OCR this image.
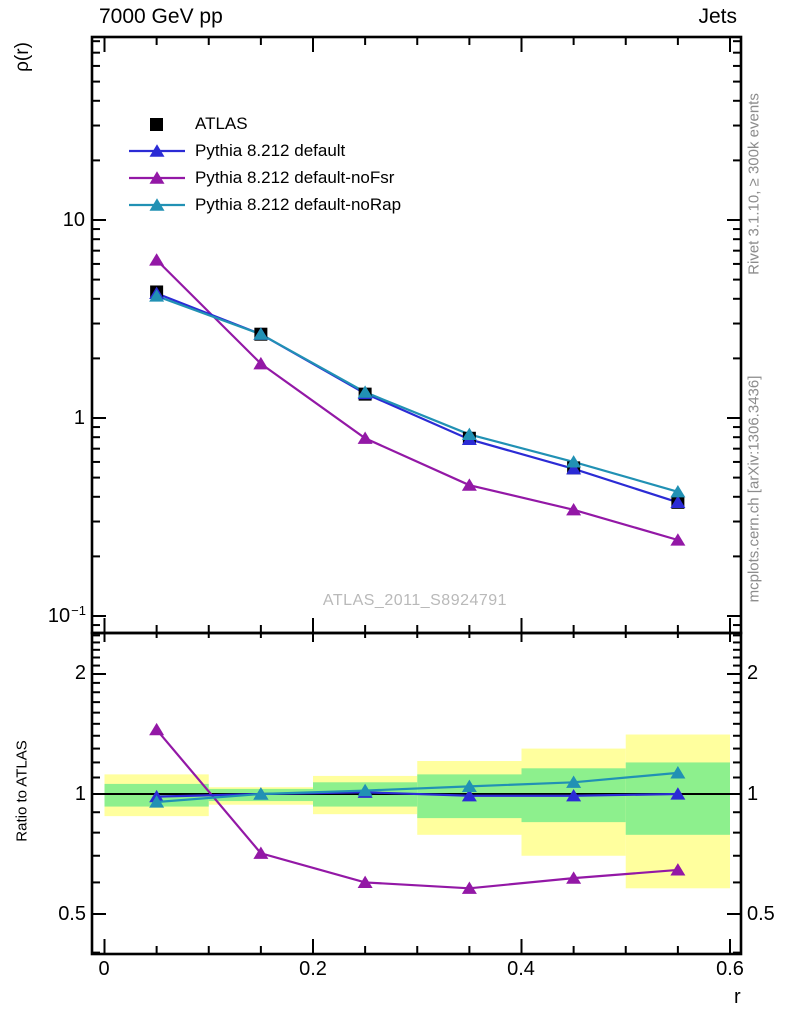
7000 GeV pp	Jets
ρ(r)
Ratio to ATLAS
Rivet 3.1.10, ≥ 300k events
mcplots.cern.ch [arXiv:1306.3436]
ATLAS_2011_S8924791
10
1
$10^{-1}$
2
1
0.5
2
1
0.5
0	0.2	0.4	0.6
r
ATLAS
Pythia 8.212 default
Pythia 8.212 default-noFsr
Pythia 8.212 default-noRap
